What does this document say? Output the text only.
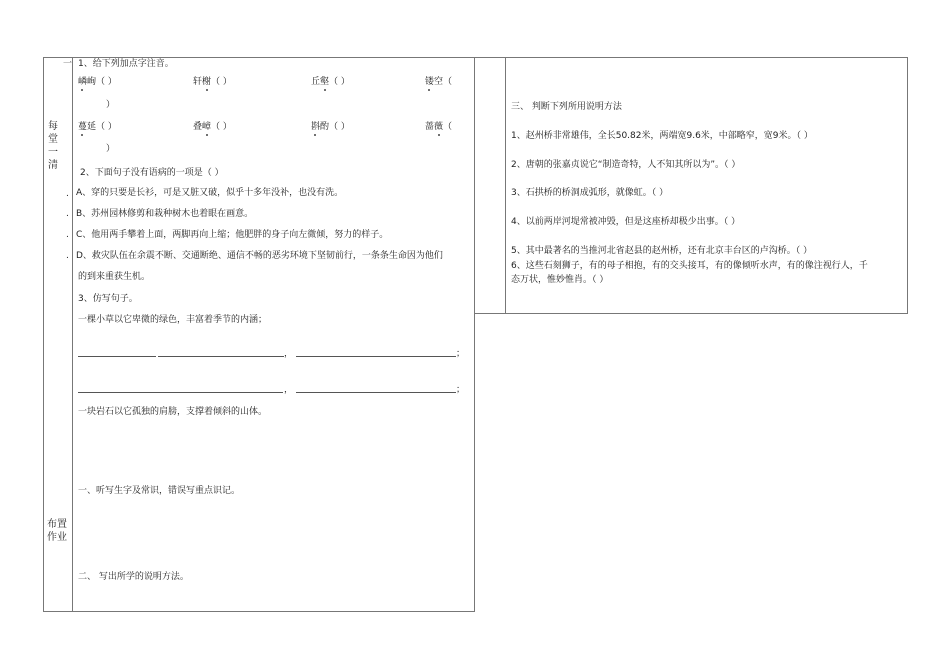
每堂一清
布置作业
一
.
.
.
.
1、给下列加点字注音。
嶙峋（ ）	轩榭（ ）	丘壑（ ）	镂空（
）
蔓延（ ）	叠嶂（ ）	斟酌（ ）	蔷薇（
）
2、下面句子没有语病的一项是（ ）
A、穿的只要是长衫，可是又脏又破，似乎十多年没补，也没有洗。
B、苏州园林修剪和栽种树木也着眼在画意。
C、他用两手攀着上面，两脚再向上缩；他肥胖的身子向左微倾，努力的样子。
D、救灾队伍在余震不断、交通断绝、通信不畅的恶劣环境下坚韧前行，一条条生命因为他们
的到来重获生机。
3、仿写句子。
一棵小草以它卑微的绿色，丰富着季节的内涵；
，	；
，	；
一块岩石以它孤独的肩膀，支撑着倾斜的山体。
一、听写生字及常识，错误写重点识记。
二、 写出所学的说明方法。
三、 判断下列所用说明方法
1、赵州桥非常雄伟，全长50.82米，两端宽9.6米，中部略窄，宽9米。（ ）
2、唐朝的张嘉贞说它“制造奇特，人不知其所以为”。（ ）
3、石拱桥的桥洞成弧形，就像虹。（ ）
4、以前两岸河堤常被冲毁，但是这座桥却极少出事。（ ）
5、其中最著名的当推河北省赵县的赵州桥，还有北京丰台区的卢沟桥。（ ）
6、这些石刻狮子，有的母子相抱，有的交头接耳，有的像倾听水声，有的像注视行人，千
态万状，惟妙惟肖。（ ）
